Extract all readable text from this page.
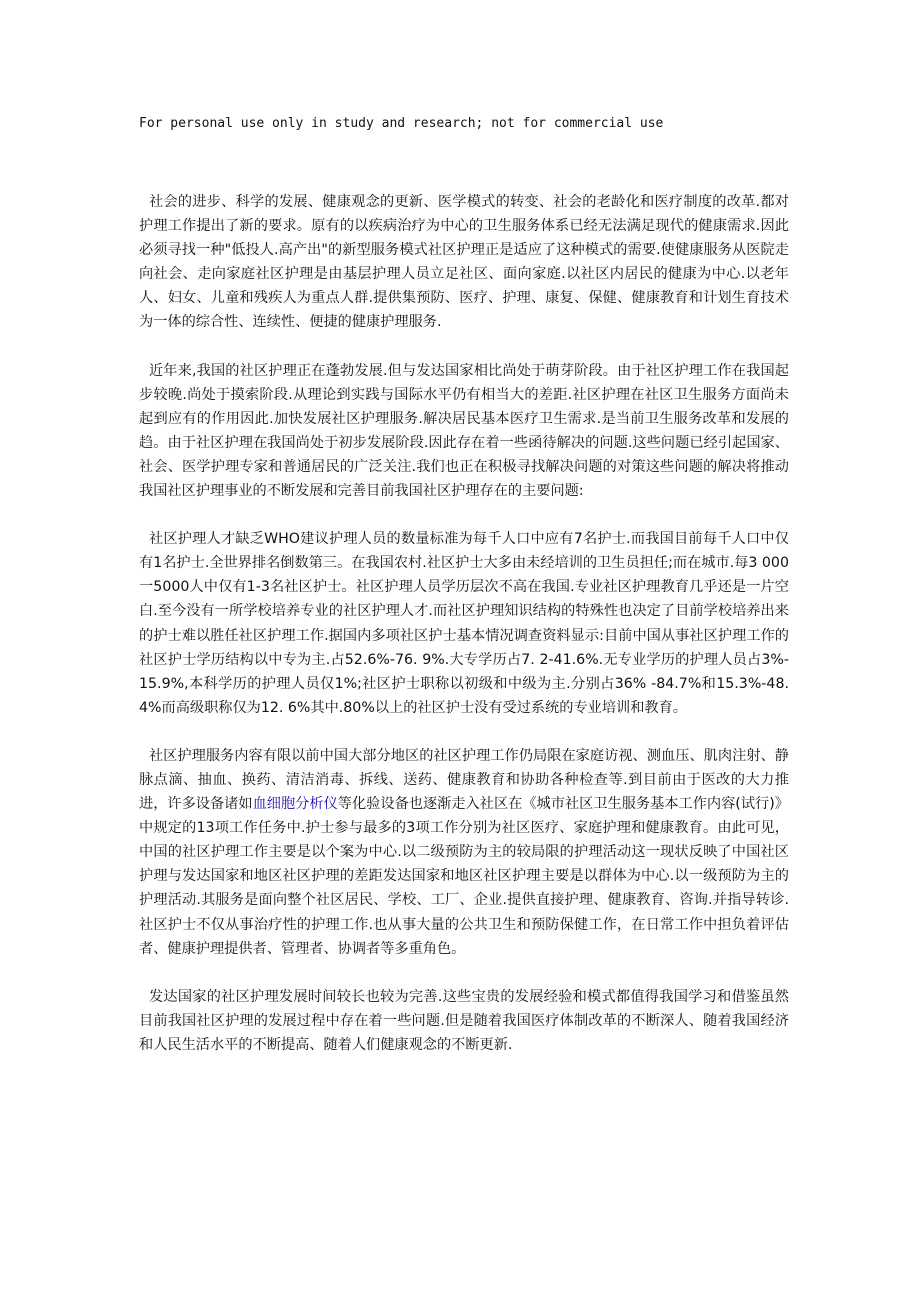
For personal use only in study and research; not for commercial use

社会的进步、科学的发展、健康观念的更新、医学模式的转变、社会的老龄化和医疗制度的改革.都对护理工作提出了新的要求。原有的以疾病治疗为中心的卫生服务体系已经无法满足现代的健康需求.因此必须寻找一种"低投人.高产出"的新型服务模式社区护理正是适应了这种模式的需要.使健康服务从医院走向社会、走向家庭社区护理是由基层护理人员立足社区、面向家庭.以社区内居民的健康为中心.以老年人、妇女、儿童和残疾人为重点人群.提供集预防、医疗、护理、康复、保健、健康教育和计划生育技术为一体的综合性、连续性、便捷的健康护理服务.

近年来,我国的社区护理正在蓬勃发展.但与发达国家相比尚处于萌芽阶段。由于社区护理工作在我国起步较晚.尚处于摸索阶段.从理论到实践与国际水平仍有相当大的差距.社区护理在社区卫生服务方面尚未起到应有的作用因此.加快发展社区护理服务.解决居民基本医疗卫生需求.是当前卫生服务改革和发展的趋。由于社区护理在我国尚处于初步发展阶段.因此存在着一些函待解决的问题.这些问题已经引起国家、社会、医学护理专家和普通居民的广泛关注.我们也正在积极寻找解决问题的对策这些问题的解决将推动我国社区护理事业的不断发展和完善目前我国社区护理存在的主要问题:

社区护理人才缺乏WHO建议护理人员的数量标准为每千人口中应有7名护士.而我国目前每千人口中仅有1名护士.全世界排名倒数第三。在我国农村.社区护士大多由未经培训的卫生员担任;而在城市.每3 000一5000人中仅有1-3名社区护士。社区护理人员学历层次不高在我国.专业社区护理教育几乎还是一片空白.至今没有一所学校培养专业的社区护理人才.而社区护理知识结构的特殊性也决定了目前学校培养出来的护士难以胜任社区护理工作.据国内多项社区护士基本情况调查资料显示:目前中国从事社区护理工作的社区护士学历结构以中专为主.占52.6%-76. 9%.大专学历占7. 2-41.6%.无专业学历的护理人员占3%-15.9%,本科学历的护理人员仅1%;社区护士职称以初级和中级为主.分别占36% -84.7%和15.3%-48.4%而高级职称仅为12. 6%其中.80%以上的社区护士没有受过系统的专业培训和教育。

社区护理服务内容有限以前中国大部分地区的社区护理工作仍局限在家庭访视、测血压、肌肉注射、静脉点滴、抽血、换药、清洁消毒、拆线、送药、健康教育和协助各种检查等.到目前由于医改的大力推进，许多设备诸如血细胞分析仪等化验设备也逐渐走入社区在《城市社区卫生服务基本工作内容(试行)》中规定的13项工作任务中.护士参与最多的3项工作分别为社区医疗、家庭护理和健康教育。由此可见，中国的社区护理工作主要是以个案为中心.以二级预防为主的较局限的护理活动这一现状反映了中国社区护理与发达国家和地区社区护理的差距发达国家和地区社区护理主要是以群体为中心.以一级预防为主的护理活动.其服务是面向整个社区居民、学校、工厂、企业.提供直接护理、健康教育、咨询.并指导转诊.社区护士不仅从事治疗性的护理工作.也从事大量的公共卫生和预防保健工作，在日常工作中担负着评估者、健康护理提供者、管理者、协调者等多重角色。

发达国家的社区护理发展时间较长也较为完善.这些宝贵的发展经验和模式都值得我国学习和借鉴虽然目前我国社区护理的发展过程中存在着一些问题.但是随着我国医疗体制改革的不断深人、随着我国经济和人民生活水平的不断提高、随着人们健康观念的不断更新.
